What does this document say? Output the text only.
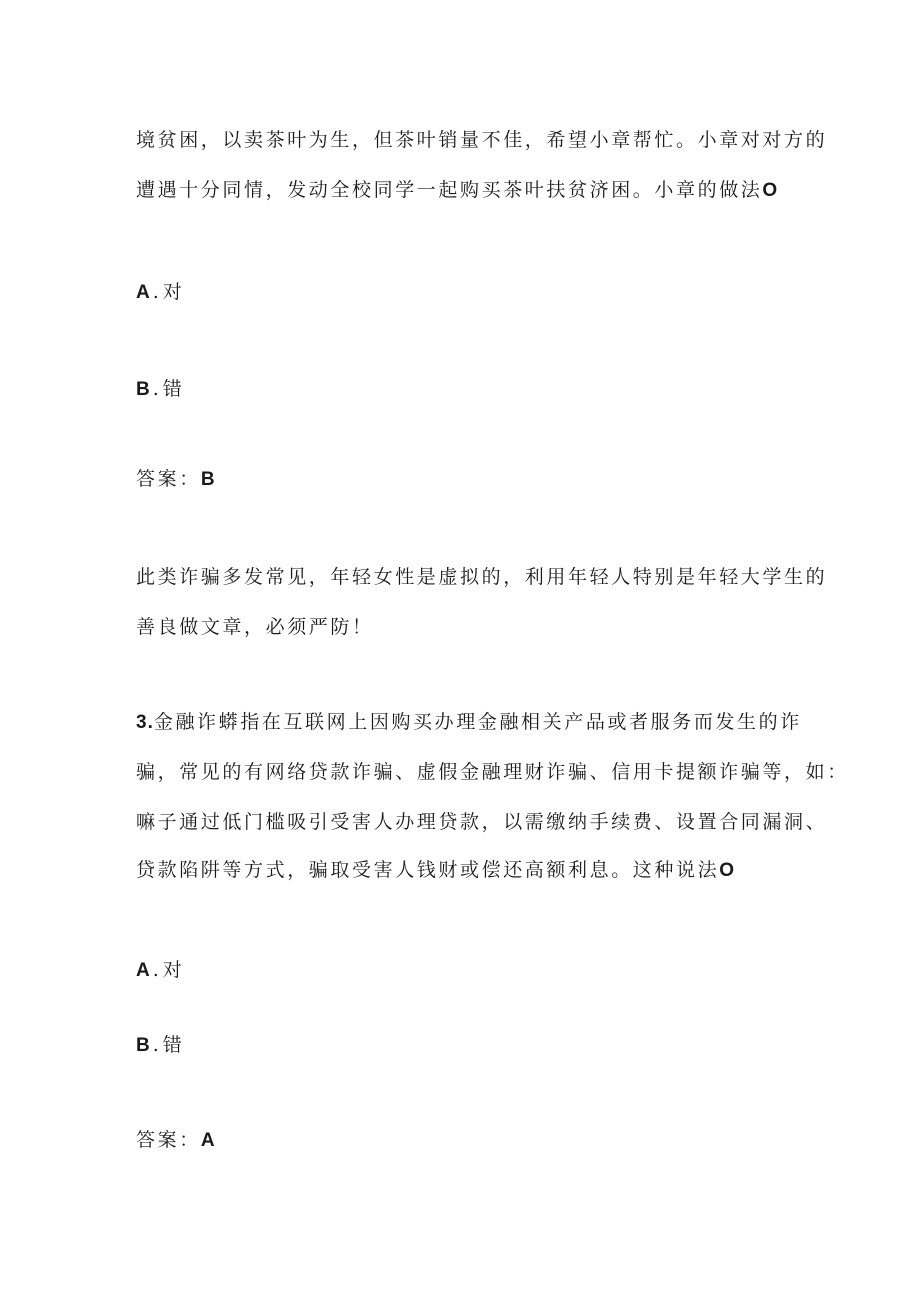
境贫困，以卖茶叶为生，但茶叶销量不佳，希望小章帮忙。小章对对方的
遭遇十分同情，发动全校同学一起购买茶叶扶贫济困。小章的做法O
A . 对
B . 错
答案：B
此类诈骗多发常见，年轻女性是虚拟的，利用年轻人特别是年轻大学生的
善良做文章，必须严防！
3.金融诈蟒指在互联网上因购买办理金融相关产品或者服务而发生的诈
骗，常见的有网络贷款诈骗、虚假金融理财诈骗、信用卡提额诈骗等，如：
嘛子通过低门槛吸引受害人办理贷款，以需缴纳手续费、设置合同漏洞、
贷款陷阱等方式，骗取受害人钱财或偿还高额利息。这种说法O
A . 对
B . 错
答案：A
